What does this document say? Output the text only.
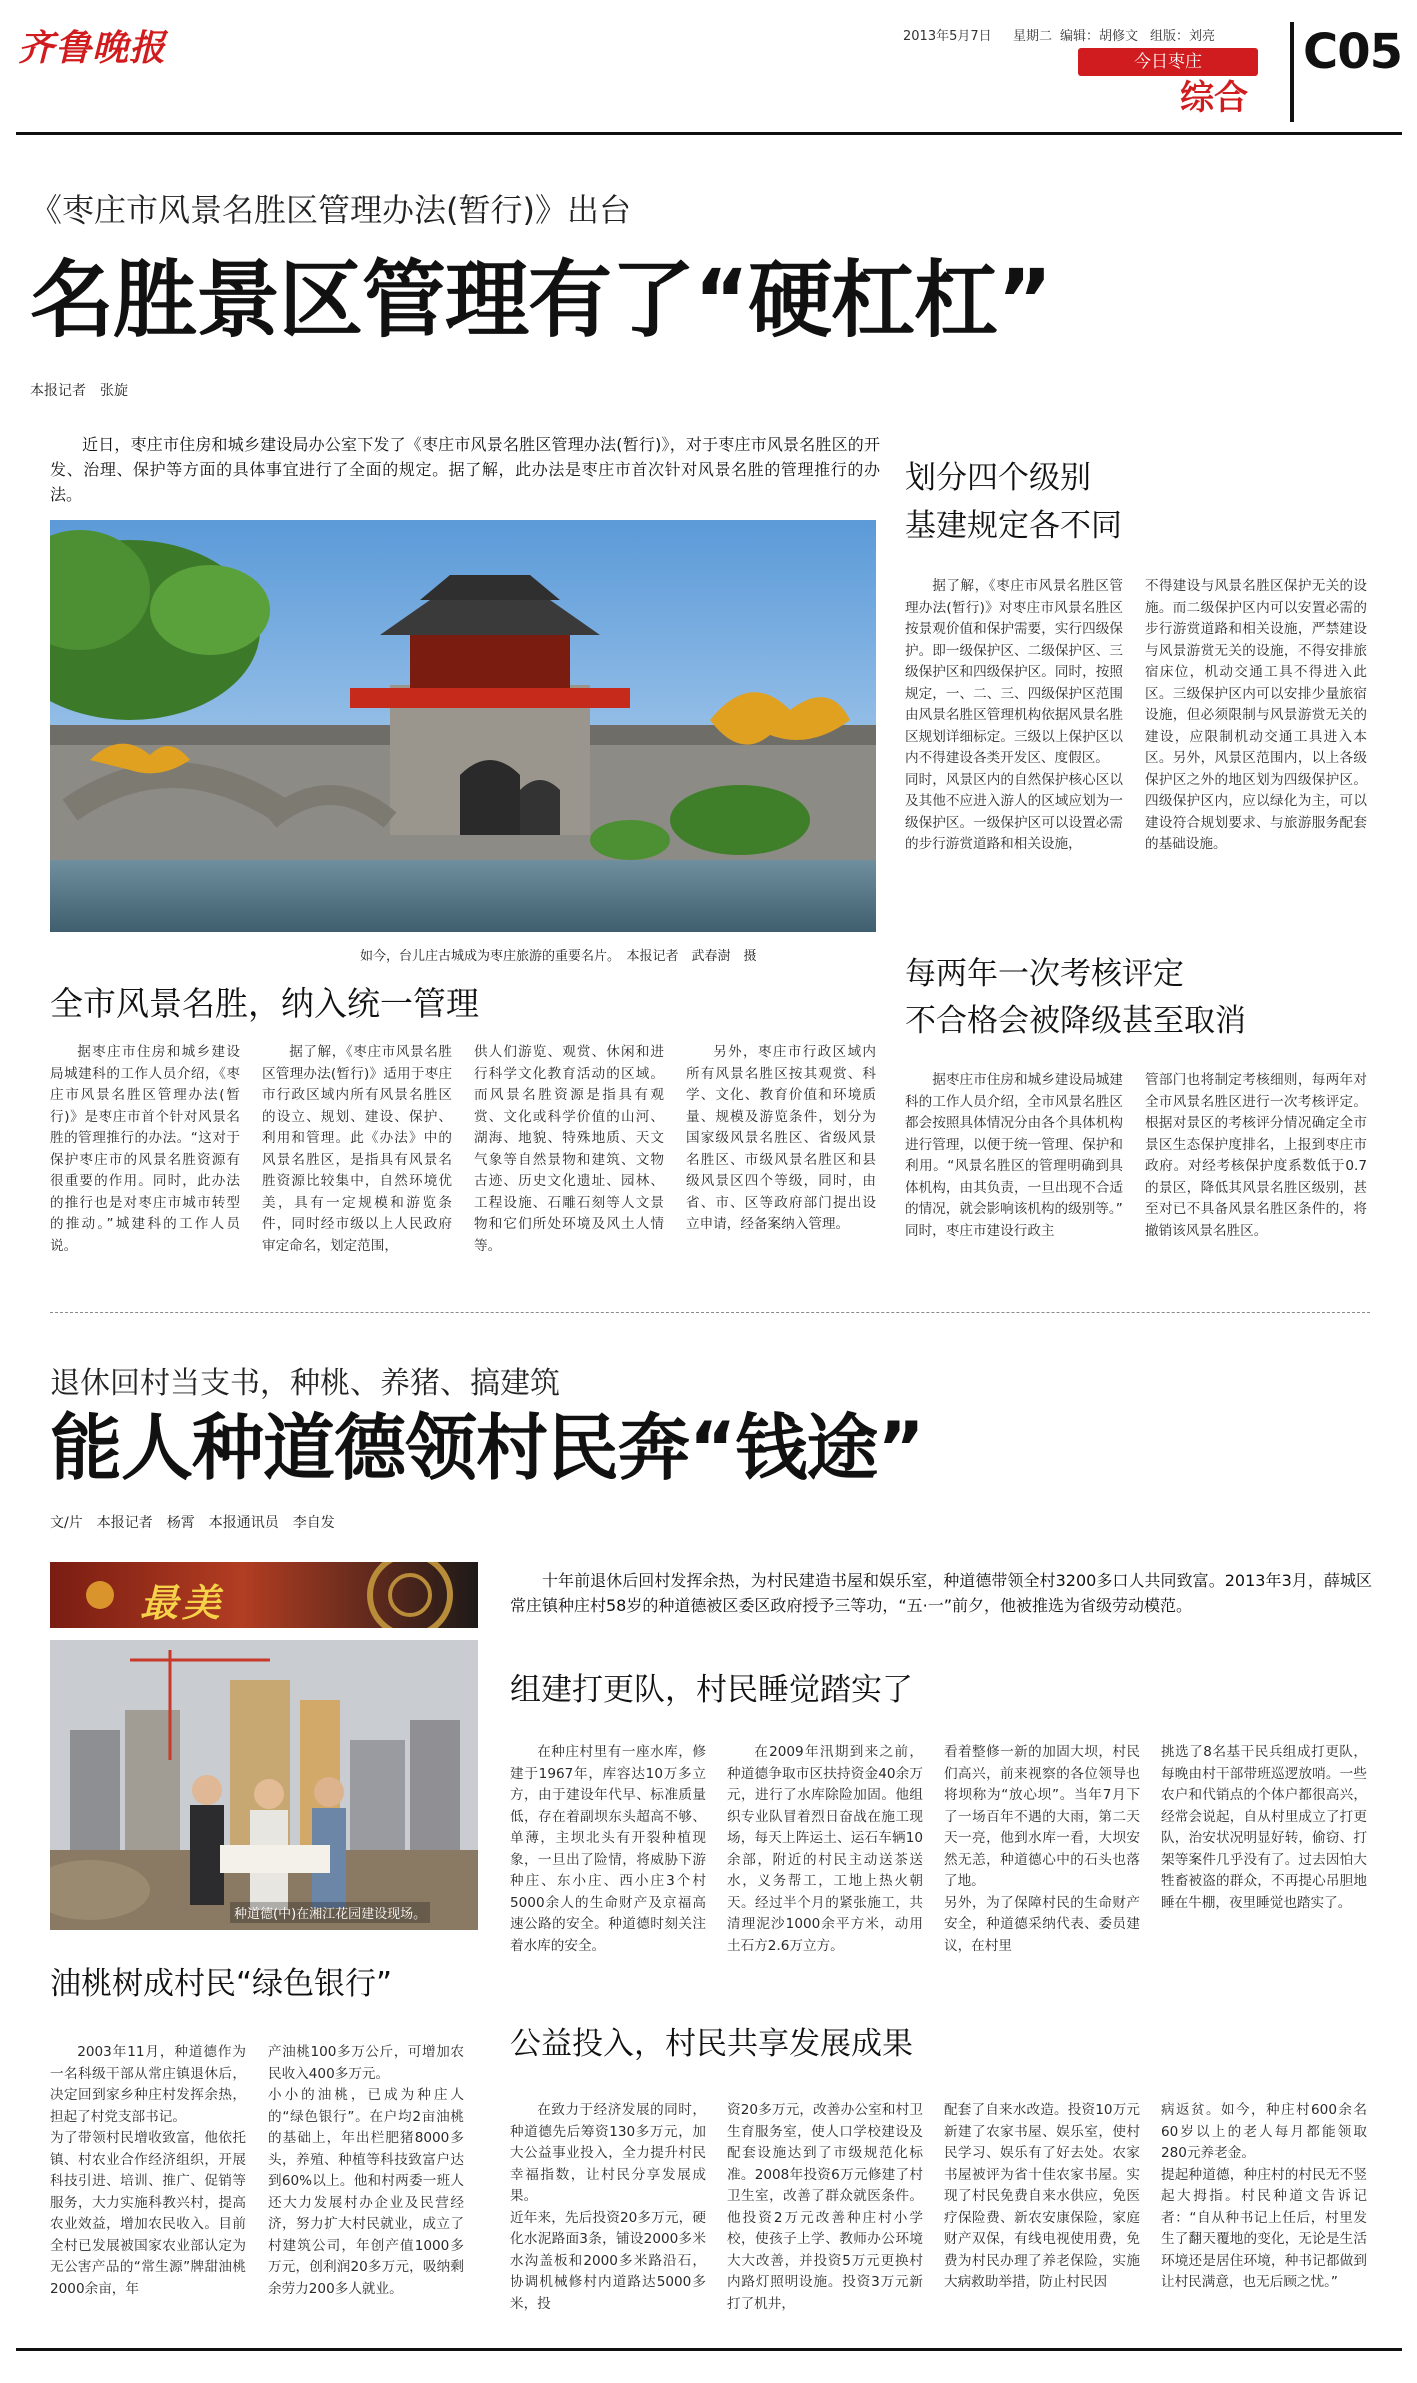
齐鲁晚报	2013年5月7日 星期二 编辑：胡修文 组版：刘亮
今日枣庄
综合
C05
《枣庄市风景名胜区管理办法(暂行)》出台
名胜景区管理有了“硬杠杠”
本报记者　张旋
近日，枣庄市住房和城乡建设局办公室下发了《枣庄市风景名胜区管理办法(暂行)》，对于枣庄市风景名胜区的开发、治理、保护等方面的具体事宜进行了全面的规定。据了解，此办法是枣庄市首次针对风景名胜的管理推行的办法。
如今，台儿庄古城成为枣庄旅游的重要名片。　本报记者　武春澍　摄
全市风景名胜，纳入统一管理
据枣庄市住房和城乡建设局城建科的工作人员介绍，《枣庄市风景名胜区管理办法(暂行)》是枣庄市首个针对风景名胜的管理推行的办法。“这对于保护枣庄市的风景名胜资源有很重要的作用。同时，此办法的推行也是对枣庄市城市转型的推动。”城建科的工作人员说。
据了解，《枣庄市风景名胜区管理办法(暂行)》适用于枣庄市行政区域内所有风景名胜区的设立、规划、建设、保护、利用和管理。此《办法》中的风景名胜区，是指具有风景名胜资源比较集中，自然环境优美，具有一定规模和游览条件，同时经市级以上人民政府审定命名，划定范围，
供人们游览、观赏、休闲和进行科学文化教育活动的区域。而风景名胜资源是指具有观赏、文化或科学价值的山河、湖海、地貌、特殊地质、天文气象等自然景物和建筑、文物古迹、历史文化遗址、园林、工程设施、石雕石刻等人文景物和它们所处环境及风土人情等。
另外，枣庄市行政区域内所有风景名胜区按其观赏、科学、文化、教育价值和环境质量、规模及游览条件，划分为国家级风景名胜区、省级风景名胜区、市级风景名胜区和县级风景区四个等级，同时，由省、市、区等政府部门提出设立申请，经备案纳入管理。
划分四个级别
基建规定各不同
据了解，《枣庄市风景名胜区管理办法(暂行)》对枣庄市风景名胜区按景观价值和保护需要，实行四级保护。即一级保护区、二级保护区、三级保护区和四级保护区。同时，按照规定，一、二、三、四级保护区范围由风景名胜区管理机构依据风景名胜区规划详细标定。三级以上保护区以内不得建设各类开发区、度假区。
同时，风景区内的自然保护核心区以及其他不应进入游人的区域应划为一级保护区。一级保护区可以设置必需的步行游赏道路和相关设施，
不得建设与风景名胜区保护无关的设施。而二级保护区内可以安置必需的步行游赏道路和相关设施，严禁建设与风景游赏无关的设施，不得安排旅宿床位，机动交通工具不得进入此区。三级保护区内可以安排少量旅宿设施，但必须限制与风景游赏无关的建设，应限制机动交通工具进入本区。另外，风景区范围内，以上各级保护区之外的地区划为四级保护区。四级保护区内，应以绿化为主，可以建设符合规划要求、与旅游服务配套的基础设施。
每两年一次考核评定
不合格会被降级甚至取消
据枣庄市住房和城乡建设局城建科的工作人员介绍，全市风景名胜区都会按照具体情况分由各个具体机构进行管理，以便于统一管理、保护和利用。“风景名胜区的管理明确到具体机构，由其负责，一旦出现不合适的情况，就会影响该机构的级别等。”
同时，枣庄市建设行政主
管部门也将制定考核细则，每两年对全市风景名胜区进行一次考核评定。根据对景区的考核评分情况确定全市景区生态保护度排名，上报到枣庄市政府。对经考核保护度系数低于0.7的景区，降低其风景名胜区级别，甚至对已不具备风景名胜区条件的，将撤销该风景名胜区。
退休回村当支书，种桃、养猪、搞建筑
能人种道德领村民奔“钱途”
文/片　本报记者　杨霄　本报通讯员　李自发
最美
种道德(中)在湘江花园建设现场。
十年前退休后回村发挥余热，为村民建造书屋和娱乐室，种道德带领全村3200多口人共同致富。2013年3月，薛城区常庄镇种庄村58岁的种道德被区委区政府授予三等功，“五·一”前夕，他被推选为省级劳动模范。
组建打更队，村民睡觉踏实了
在种庄村里有一座水库，修建于1967年，库容达10万多立方，由于建设年代早、标准质量低，存在着副坝东头超高不够、单薄，主坝北头有开裂种植现象，一旦出了险情，将威胁下游种庄、东小庄、西小庄3个村5000余人的生命财产及京福高速公路的安全。种道德时刻关注着水库的安全。
在2009年汛期到来之前，种道德争取市区扶持资金40余万元，进行了水库除险加固。他组织专业队冒着烈日奋战在施工现场，每天上阵运土、运石车辆10余部，附近的村民主动送茶送水，义务帮工，工地上热火朝天。经过半个月的紧张施工，共清理泥沙1000余平方米，动用土石方2.6万立方。
看着整修一新的加固大坝，村民们高兴，前来视察的各位领导也将坝称为“放心坝”。当年7月下了一场百年不遇的大雨，第二天天一亮，他到水库一看，大坝安然无恙，种道德心中的石头也落了地。
另外，为了保障村民的生命财产安全，种道德采纳代表、委员建议，在村里
挑选了8名基干民兵组成打更队，每晚由村干部带班巡逻放哨。一些农户和代销点的个体户都很高兴，经常会说起，自从村里成立了打更队，治安状况明显好转，偷窃、打架等案件几乎没有了。过去因怕大牲畜被盗的群众，不再提心吊胆地睡在牛棚，夜里睡觉也踏实了。
油桃树成村民“绿色银行”
2003年11月，种道德作为一名科级干部从常庄镇退休后，决定回到家乡种庄村发挥余热，担起了村党支部书记。
为了带领村民增收致富，他依托镇、村农业合作经济组织，开展科技引进、培训、推广、促销等服务，大力实施科教兴村，提高农业效益，增加农民收入。目前全村已发展被国家农业部认定为无公害产品的“常生源”牌甜油桃2000余亩，年
产油桃100多万公斤，可增加农民收入400多万元。
小小的油桃，已成为种庄人的“绿色银行”。在户均2亩油桃的基础上，年出栏肥猪8000多头，养殖、种植等科技致富户达到60%以上。他和村两委一班人还大力发展村办企业及民营经济，努力扩大村民就业，成立了村建筑公司，年创产值1000多万元，创利润20多万元，吸纳剩余劳力200多人就业。
公益投入，村民共享发展成果
在致力于经济发展的同时，种道德先后筹资130多万元，加大公益事业投入，全力提升村民幸福指数，让村民分享发展成果。
近年来，先后投资20多万元，硬化水泥路面3条，铺设2000多米水沟盖板和2000多米路沿石，协调机械修村内道路达5000多米，投
资20多万元，改善办公室和村卫生育服务室，使人口学校建设及配套设施达到了市级规范化标准。2008年投资6万元修建了村卫生室，改善了群众就医条件。他投资2万元改善种庄村小学校，使孩子上学、教师办公环境大大改善，并投资5万元更换村内路灯照明设施。投资3万元新打了机井，
配套了自来水改造。投资10万元新建了农家书屋、娱乐室，使村民学习、娱乐有了好去处。农家书屋被评为省十佳农家书屋。实现了村民免费自来水供应，免医疗保险费、新农安康保险，家庭财产双保，有线电视使用费，免费为村民办理了养老保险，实施大病救助举措，防止村民因
病返贫。如今，种庄村600余名60岁以上的老人每月都能领取280元养老金。
提起种道德，种庄村的村民无不竖起大拇指。村民种道文告诉记者：“自从种书记上任后，村里发生了翻天覆地的变化，无论是生活环境还是居住环境，种书记都做到让村民满意，也无后顾之忧。”
